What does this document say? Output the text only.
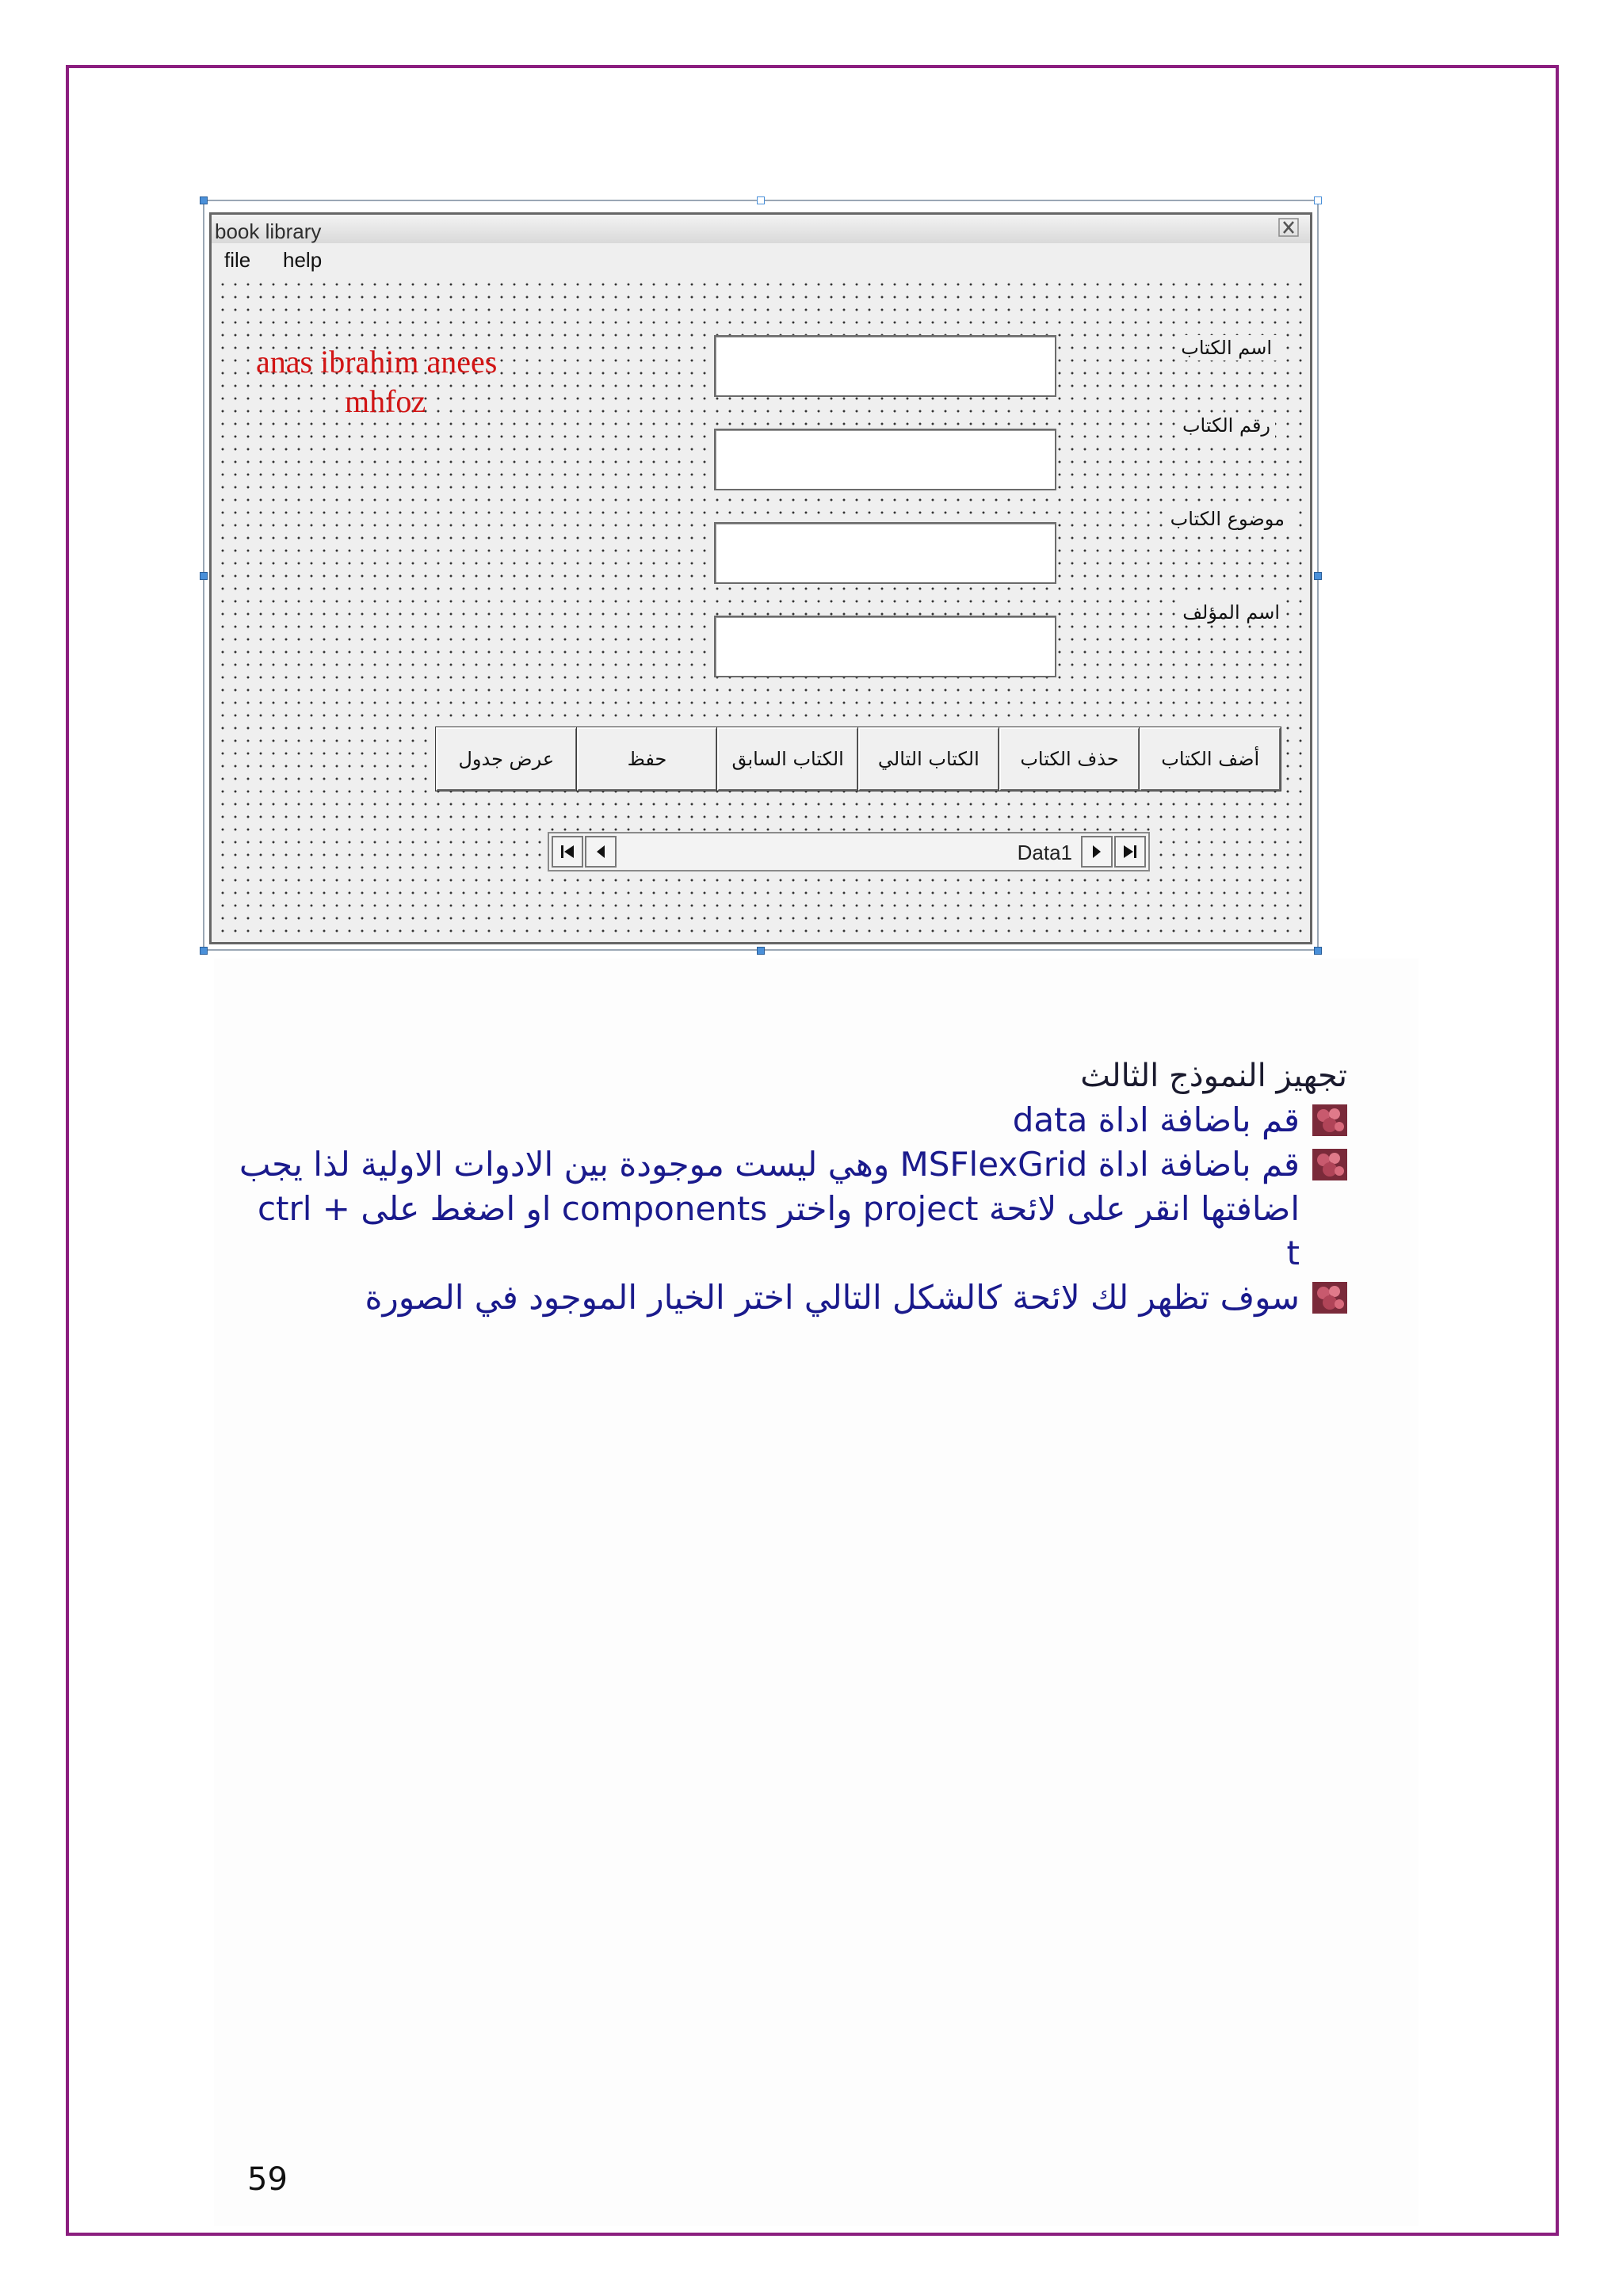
book library
file help
anas ibrahim anees
mhfoz
اسم الكتاب
رقم الكتاب
موضوع الكتاب
اسم المؤلف
أضف الكتاب
حذف الكتاب
الكتاب التالي
الكتاب السابق
حفظ
عرض جدول
Data1
تجهيز النموذج الثالث
قم باضافة اداة data
قم باضافة اداة MSFlexGrid وهي ليست موجودة بين الادوات الاولية لذا يجب
اضافتها انقر على لائحة project واختر components او اضغط على + ctrl
t
سوف تظهر لك لائحة كالشكل التالي اختر الخيار الموجود في الصورة
59
